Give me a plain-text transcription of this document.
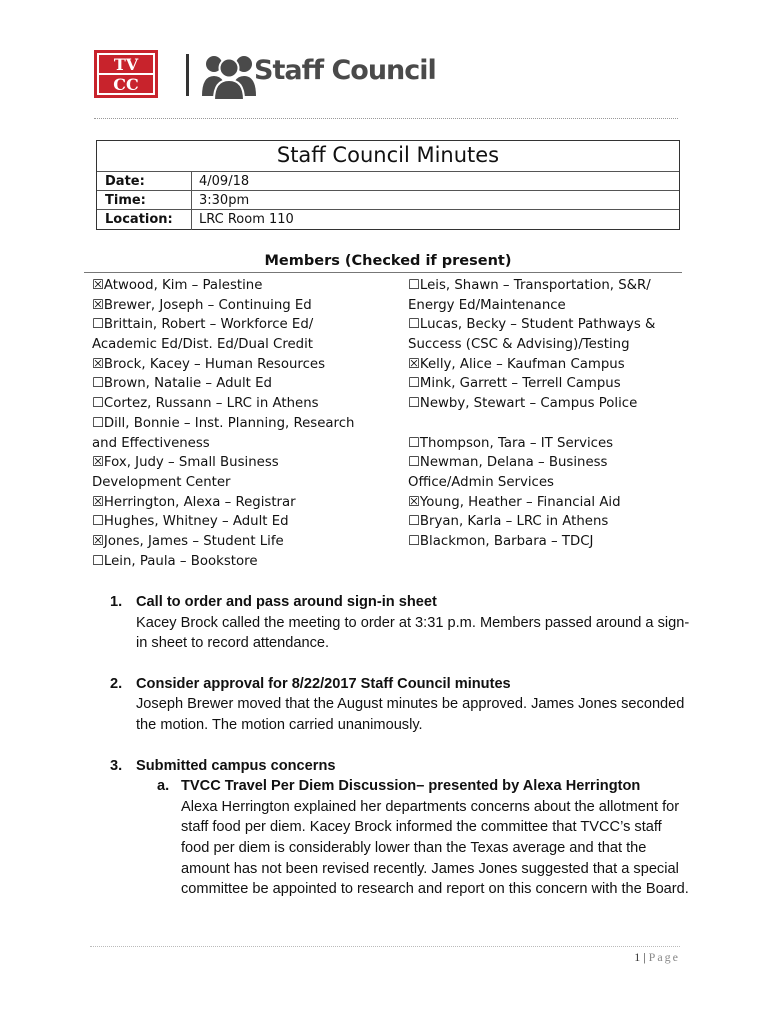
TV
CC	Staff Council
Staff Council Minutes
Date:	4/09/18
Time:	3:30pm
Location: LRC Room 110
Members (Checked if present)
☒Atwood, Kim – Palestine
☒Brewer, Joseph – Continuing Ed
☐Brittain, Robert – Workforce Ed/
Academic Ed/Dist. Ed/Dual Credit
☒Brock, Kacey – Human Resources
☐Brown, Natalie – Adult Ed
☐Cortez, Russann – LRC in Athens
☐Dill, Bonnie – Inst. Planning, Research
and Effectiveness
☒Fox, Judy – Small Business
Development Center
☒Herrington, Alexa – Registrar
☐Hughes, Whitney – Adult Ed
☒Jones, James – Student Life
☐Lein, Paula – Bookstore
☐Leis, Shawn – Transportation, S&R/
Energy Ed/Maintenance
☐Lucas, Becky – Student Pathways &
Success (CSC & Advising)/Testing
☒Kelly, Alice – Kaufman Campus
☐Mink, Garrett – Terrell Campus
☐Newby, Stewart – Campus Police
☐Thompson, Tara – IT Services
☐Newman, Delana – Business
Office/Admin Services
☒Young, Heather – Financial Aid
☐Bryan, Karla – LRC in Athens
☐Blackmon, Barbara – TDCJ
1. Call to order and pass around sign-in sheet
Kacey Brock called the meeting to order at 3:31 p.m. Members passed around a sign-in sheet to record attendance.
2. Consider approval for 8/22/2017 Staff Council minutes
Joseph Brewer moved that the August minutes be approved. James Jones seconded the motion. The motion carried unanimously.
3. Submitted campus concerns
a. TVCC Travel Per Diem Discussion– presented by Alexa Herrington
Alexa Herrington explained her departments concerns about the allotment for staff food per diem. Kacey Brock informed the committee that TVCC’s staff food per diem is considerably lower than the Texas average and that the amount has not been revised recently. James Jones suggested that a special committee be appointed to research and report on this concern with the Board.
1 | Page
